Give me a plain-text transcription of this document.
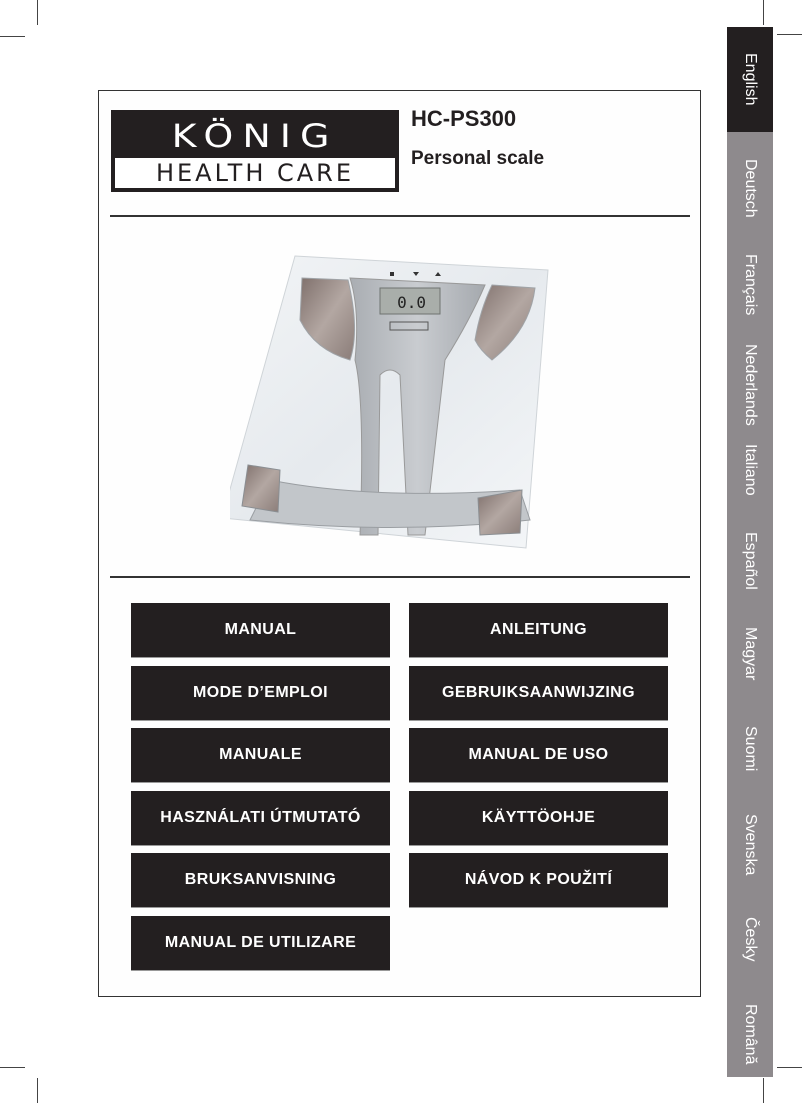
KÖNIG
HEALTH CARE
HC-PS300
Personal scale
0.0
MANUAL	ANLEITUNG
MODE D’EMPLOI	GEBRUIKSAANWIJZING
MANUALE	MANUAL DE USO
HASZNÁLATI ÚTMUTATÓ	KÄYTTÖOHJE
BRUKSANVISNING	NÁVOD K POUŽITÍ
MANUAL DE UTILIZARE
English
Deutsch
Français
Nederlands
Italiano
Español
Magyar
Suomi
Svenska
Česky
Română
